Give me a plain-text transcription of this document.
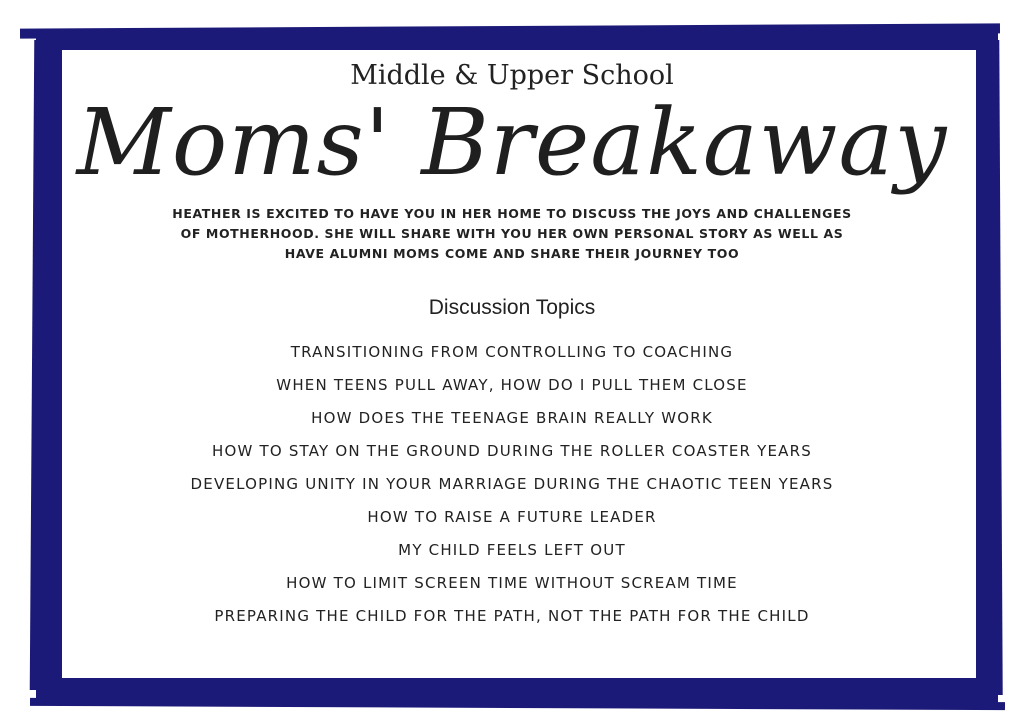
Middle & Upper School
Moms' Breakaway
HEATHER IS EXCITED TO HAVE YOU IN HER HOME TO DISCUSS THE JOYS AND CHALLENGES OF MOTHERHOOD. SHE WILL SHARE WITH YOU HER OWN PERSONAL STORY AS WELL AS HAVE ALUMNI MOMS COME AND SHARE THEIR JOURNEY TOO
Discussion Topics
TRANSITIONING FROM CONTROLLING TO COACHING
WHEN TEENS PULL AWAY, HOW DO I PULL THEM CLOSE
HOW DOES THE TEENAGE BRAIN REALLY WORK
HOW TO STAY ON THE GROUND DURING THE ROLLER COASTER YEARS
DEVELOPING UNITY IN YOUR MARRIAGE DURING THE CHAOTIC TEEN YEARS
HOW TO RAISE A FUTURE LEADER
MY CHILD FEELS LEFT OUT
HOW TO LIMIT SCREEN TIME WITHOUT SCREAM TIME
PREPARING THE CHILD FOR THE PATH, NOT THE PATH FOR THE CHILD
